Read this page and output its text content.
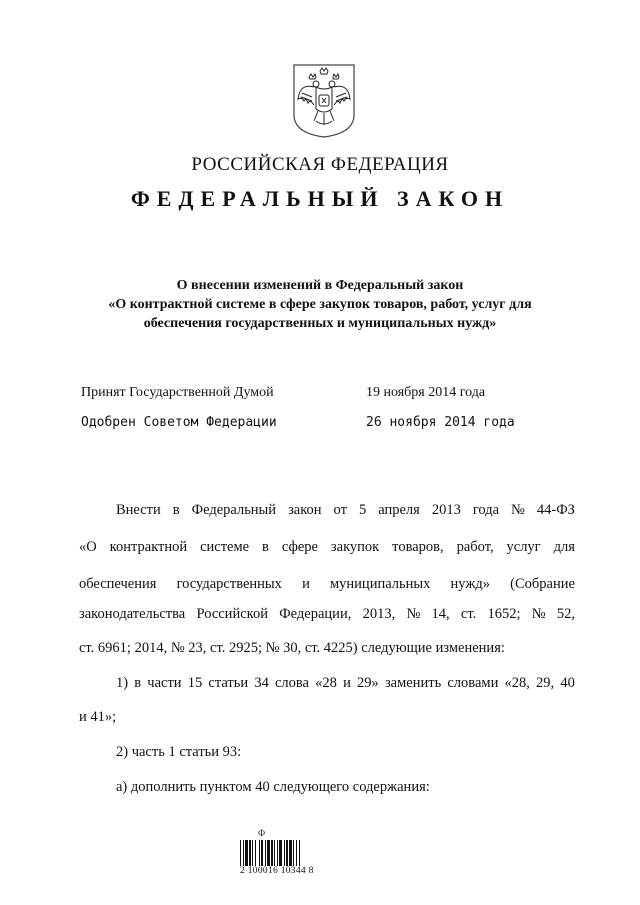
РОССИЙСКАЯ ФЕДЕРАЦИЯ
ФЕДЕРАЛЬНЫЙ ЗАКОН
О внесении изменений в Федеральный закон
«О контрактной системе в сфере закупок товаров, работ, услуг для
обеспечения государственных и муниципальных нужд»
Принят Государственной Думой	19 ноября 2014 года
Одобрен Советом Федерации	26 ноября 2014 года
Внести в Федеральный закон от 5 апреля 2013 года № 44-ФЗ
«О контрактной системе в сфере закупок товаров, работ, услуг для
обеспечения государственных и муниципальных нужд» (Собрание
законодательства Российской Федерации, 2013, № 14, ст. 1652; № 52,
ст. 6961; 2014, № 23, ст. 2925; № 30, ст. 4225) следующие изменения:
1) в части 15 статьи 34 слова «28 и 29» заменить словами «28, 29, 40
и 41»;
2) часть 1 статьи 93:
а) дополнить пунктом 40 следующего содержания:
Ф
2 100016 10344 8
